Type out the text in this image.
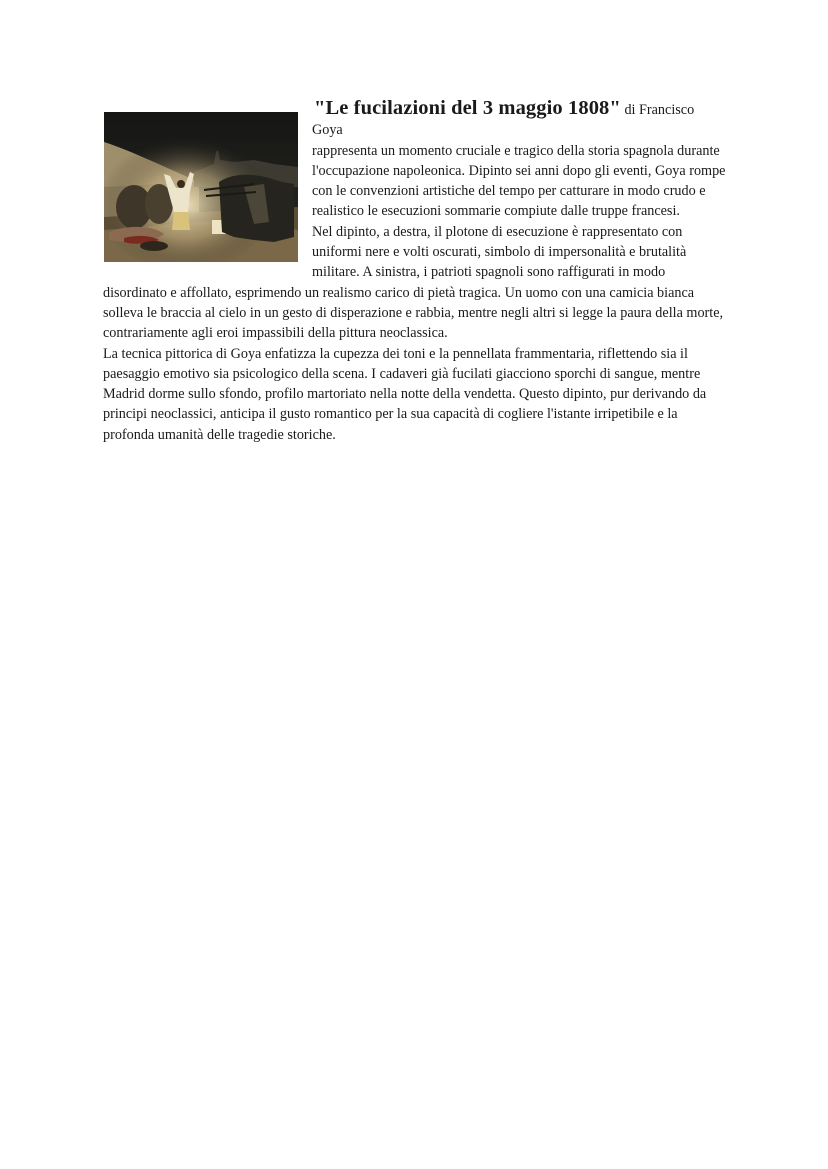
"Le fucilazioni del 3 maggio 1808" di Francisco Goya

rappresenta un momento cruciale e tragico della storia spagnola durante l'occupazione napoleonica. Dipinto sei anni dopo gli eventi, Goya rompe con le convenzioni artistiche del tempo per catturare in modo crudo e realistico le esecuzioni sommarie compiute dalle truppe francesi.

Nel dipinto, a destra, il plotone di esecuzione è rappresentato con uniformi nere e volti oscurati, simbolo di impersonalità e brutalità militare. A sinistra, i patrioti spagnoli sono raffigurati in modo disordinato e affollato, esprimendo un realismo carico di pietà tragica. Un uomo con una camicia bianca solleva le braccia al cielo in un gesto di disperazione e rabbia, mentre negli altri si legge la paura della morte, contrariamente agli eroi impassibili della pittura neoclassica.

La tecnica pittorica di Goya enfatizza la cupezza dei toni e la pennellata frammentaria, riflettendo sia il paesaggio emotivo sia psicologico della scena. I cadaveri già fucilati giacciono sporchi di sangue, mentre Madrid dorme sullo sfondo, profilo martoriato nella notte della vendetta. Questo dipinto, pur derivando da principi neoclassici, anticipa il gusto romantico per la sua capacità di cogliere l'istante irripetibile e la profonda umanità delle tragedie storiche.
